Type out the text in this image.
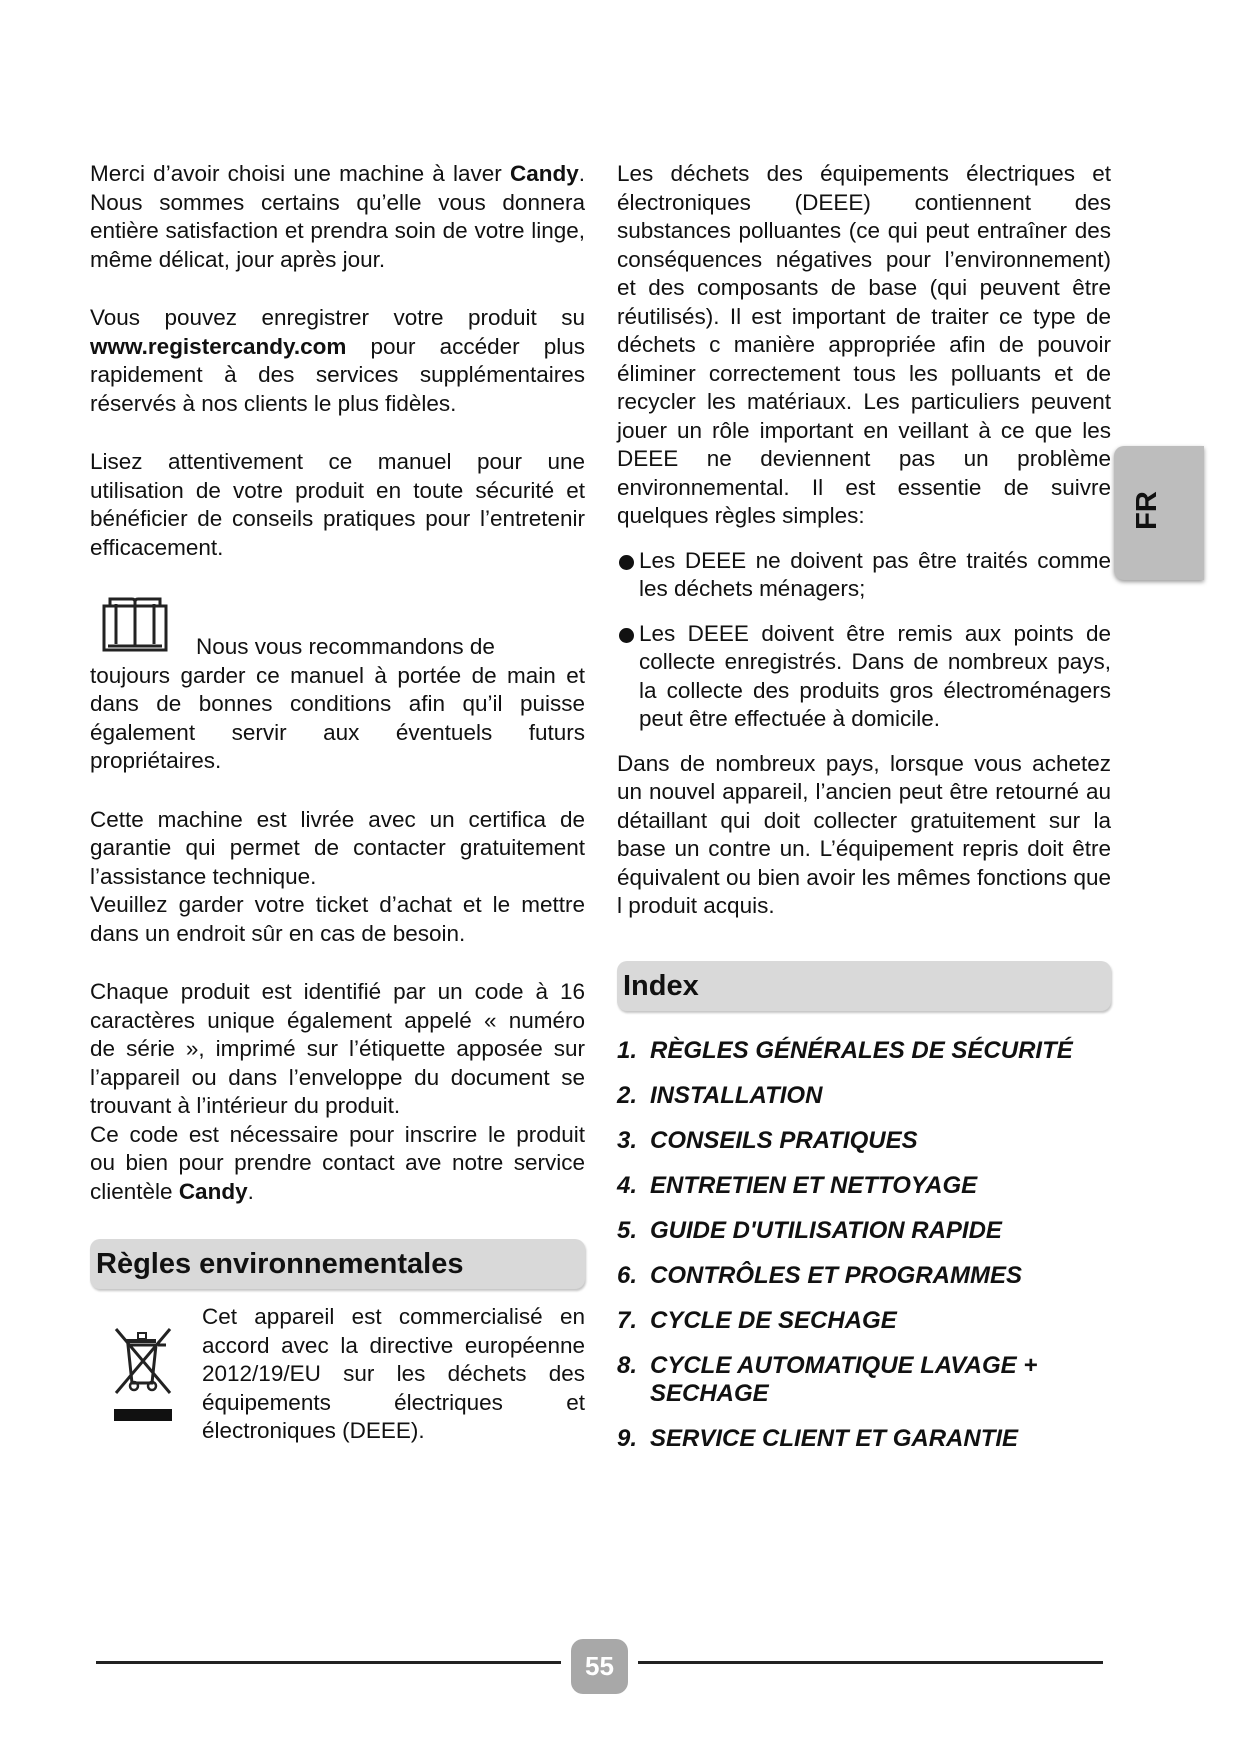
Merci d’avoir choisi une machine à laver Candy. Nous sommes certains qu’elle vous donnera entière satisfaction et prendra soin de votre linge, même délicat, jour après jour.

Vous pouvez enregistrer votre produit su www.registercandy.com pour accéder plus rapidement à des services supplémentaires réservés à nos clients le plus fidèles.

Lisez attentivement ce manuel pour une utilisation de votre produit en toute sécurité et bénéficier de conseils pratiques pour l’entretenir efficacement.

Nous vous recommandons de
toujours garder ce manuel à portée de main et dans de bonnes conditions afin qu’il puisse également servir aux éventuels futurs propriétaires.

Cette machine est livrée avec un certifica de garantie qui permet de contacter gratuitement l’assistance technique.

Veuillez garder votre ticket d’achat et le mettre dans un endroit sûr en cas de besoin.

Chaque produit est identifié par un code à 16 caractères unique également appelé « numéro de série », imprimé sur l’étiquette apposée sur l’appareil ou dans l’enveloppe du document se trouvant à l’intérieur du produit.

Ce code est nécessaire pour inscrire le produit ou bien pour prendre contact ave notre service clientèle Candy.

Règles environnementales

Cet appareil est commercialisé en accord avec la directive européenne 2012/19/EU sur les déchets des équipements électriques et électroniques (DEEE).

Les déchets des équipements électriques et électroniques (DEEE) contiennent des substances polluantes (ce qui peut entraîner des conséquences négatives pour l’environnement) et des composants de base (qui peuvent être réutilisés). Il est important de traiter ce type de déchets c manière appropriée afin de pouvoir éliminer correctement tous les polluants et de recycler les matériaux. Les particuliers peuvent jouer un rôle important en veillant à ce que les DEEE ne deviennent pas un problème environnemental. Il est essentie de suivre quelques règles simples:

Les DEEE ne doivent pas être traités comme les déchets ménagers;
Les DEEE doivent être remis aux points de collecte enregistrés. Dans de nombreux pays, la collecte des produits gros électroménagers peut être effectuée à domicile.

Dans de nombreux pays, lorsque vous achetez un nouvel appareil, l’ancien peut être retourné au détaillant qui doit collecter gratuitement sur la base un contre un. L’équipement repris doit être équivalent ou bien avoir les mêmes fonctions que l produit acquis.

Index
1. RÈGLES GÉNÉRALES DE SÉCURITÉ
2. INSTALLATION
3. CONSEILS PRATIQUES
4. ENTRETIEN ET NETTOYAGE
5. GUIDE D'UTILISATION RAPIDE
6. CONTRÔLES ET PROGRAMMES
7. CYCLE DE SECHAGE
8. CYCLE AUTOMATIQUE LAVAGE + SECHAGE
9. SERVICE CLIENT ET GARANTIE
FR
55
